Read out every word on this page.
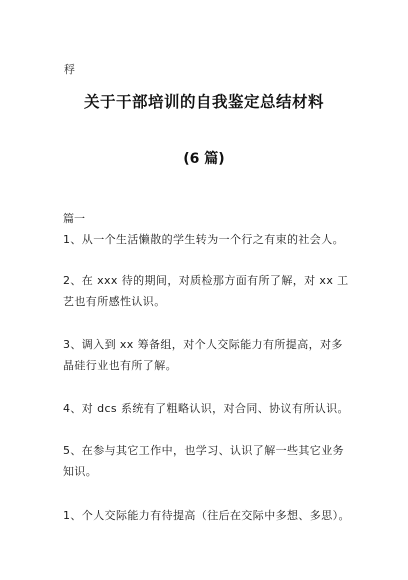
稃
关于干部培训的自我鉴定总结材料
(6 篇)
篇一
1、从一个生活懒散的学生转为一个行之有束的社会人。
2、在 xxx 待的期间，对质检那方面有所了解，对 xx 工艺也有所感性认识。
3、调入到 xx 筹备组，对个人交际能力有所提高，对多晶硅行业也有所了解。
4、对 dcs 系统有了粗略认识，对合同、协议有所认识。
5、在参与其它工作中，也学习、认识了解一些其它业务知识。
1、个人交际能力有待提高（往后在交际中多想、多思）。
